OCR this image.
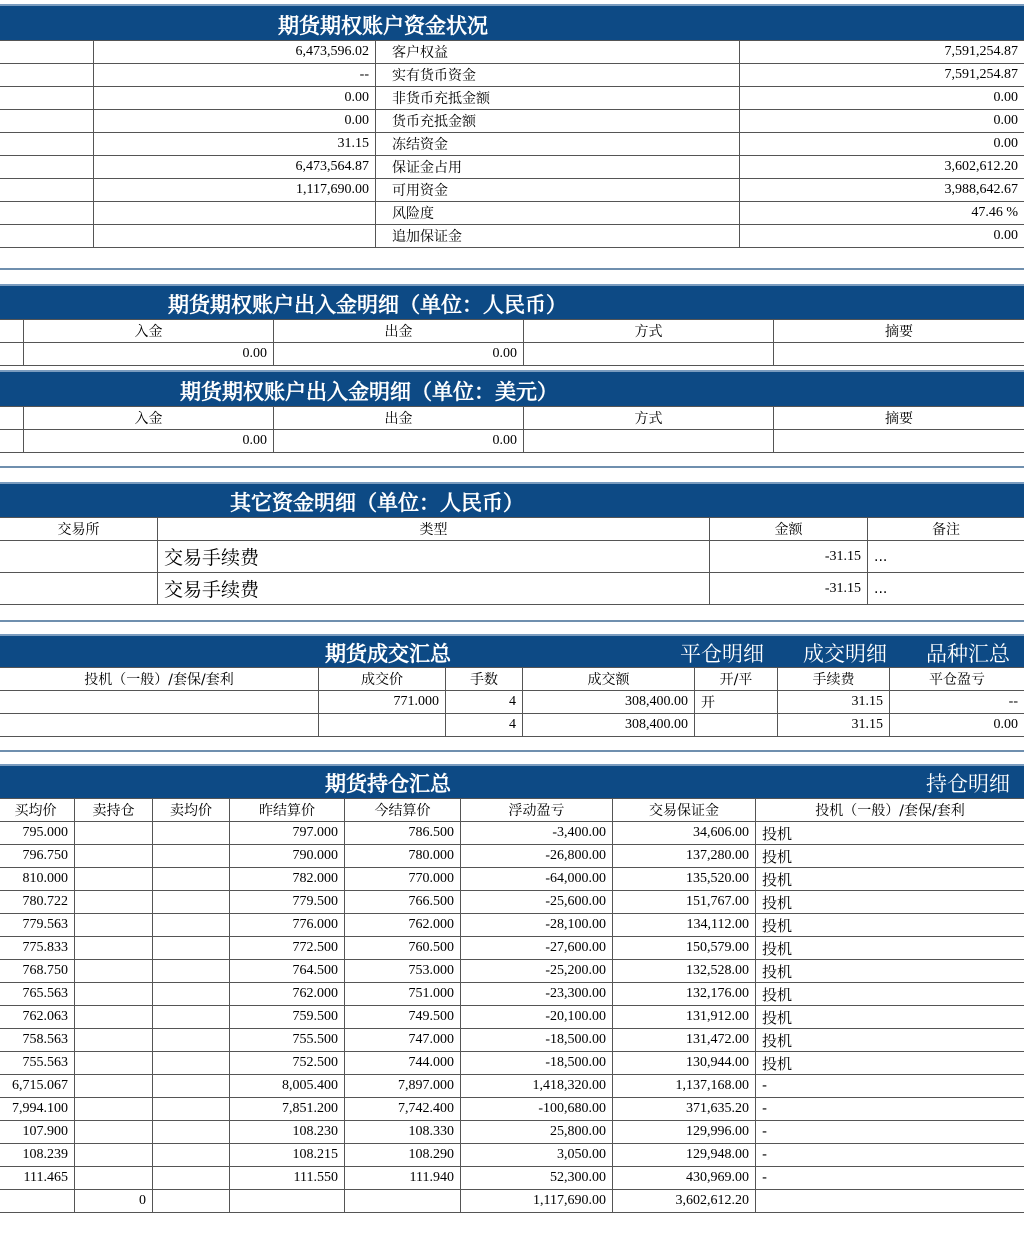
期货期权账户资金状况
	6,473,596.02	客户权益	7,591,254.87
	--	实有货币资金	7,591,254.87
	0.00	非货币充抵金额	0.00
	0.00	货币充抵金额	0.00
	31.15	冻结资金	0.00
	6,473,564.87	保证金占用	3,602,612.20
	1,117,690.00	可用资金	3,988,642.67
		风险度	47.46 %
		追加保证金	0.00
期货期权账户出入金明细（单位：人民币）
	入金	出金	方式	摘要
	0.00	0.00		
期货期权账户出入金明细（单位：美元）
	入金	出金	方式	摘要
	0.00	0.00		
其它资金明细（单位：人民币）
交易所	类型	金额	备注
	交易手续费	-31.15	...
	交易手续费	-31.15	...
期货成交汇总	平仓明细 成交明细 品种汇总
投机（一般）/套保/套利	成交价	手数	成交额	开/平	手续费	平仓盈亏
	771.000	4	308,400.00	开	31.15	--
		4	308,400.00		31.15	0.00
期货持仓汇总	持仓明细
买均价	卖持仓	卖均价	昨结算价	今结算价	浮动盈亏	交易保证金	投机（一般）/套保/套利
795.000			797.000	786.500	-3,400.00	34,606.00	投机
796.750			790.000	780.000	-26,800.00	137,280.00	投机
810.000			782.000	770.000	-64,000.00	135,520.00	投机
780.722			779.500	766.500	-25,600.00	151,767.00	投机
779.563			776.000	762.000	-28,100.00	134,112.00	投机
775.833			772.500	760.500	-27,600.00	150,579.00	投机
768.750			764.500	753.000	-25,200.00	132,528.00	投机
765.563			762.000	751.000	-23,300.00	132,176.00	投机
762.063			759.500	749.500	-20,100.00	131,912.00	投机
758.563			755.500	747.000	-18,500.00	131,472.00	投机
755.563			752.500	744.000	-18,500.00	130,944.00	投机
6,715.067			8,005.400	7,897.000	1,418,320.00	1,137,168.00	-
7,994.100			7,851.200	7,742.400	-100,680.00	371,635.20	-
107.900			108.230	108.330	25,800.00	129,996.00	-
108.239			108.215	108.290	3,050.00	129,948.00	-
111.465			111.550	111.940	52,300.00	430,969.00	-
	0				1,117,690.00	3,602,612.20	
